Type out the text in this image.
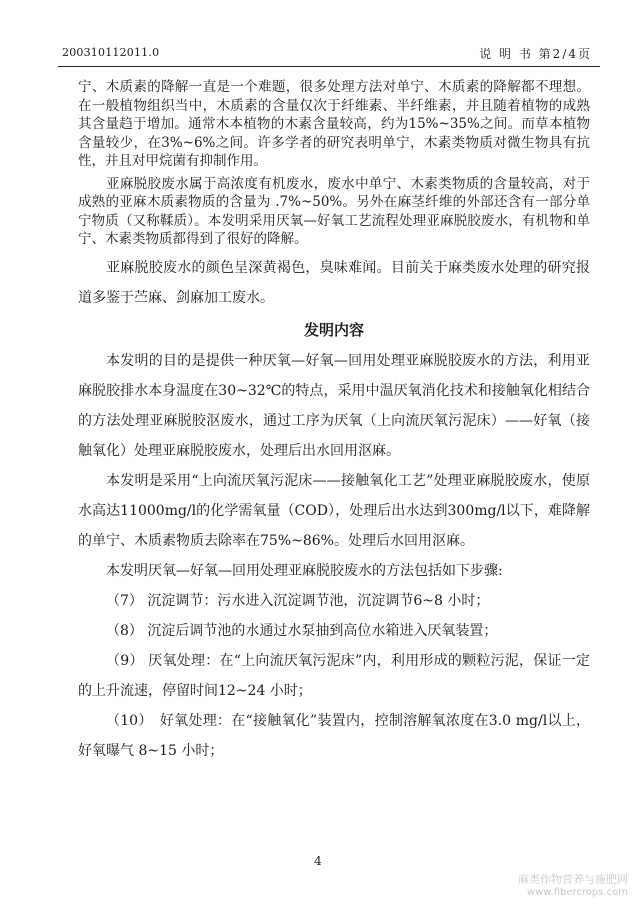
200310112011.0	说 明 书 第2/4页

宁、木质素的降解一直是一个难题，很多处理方法对单宁、木质素的降解都不理想。在一般植物组织当中，木质素的含量仅次于纤维素、半纤维素，并且随着植物的成熟其含量趋于增加。通常木本植物的木素含量较高，约为15%~35%之间。而草本植物含量较少，在3%~6%之间。许多学者的研究表明单宁，木素类物质对微生物具有抗性，并且对甲烷菌有抑制作用。

亚麻脱胶废水属于高浓度有机废水，废水中单宁、木素类物质的含量较高，对于成熟的亚麻木质素物质的含量为 .7%~50%。另外在麻茎纤维的外部还含有一部分单宁物质（又称鞣质）。本发明采用厌氧—好氧工艺流程处理亚麻脱胶废水，有机物和单宁、木素类物质都得到了很好的降解。

亚麻脱胶废水的颜色呈深黄褐色，臭味难闻。目前关于麻类废水处理的研究报道多鉴于苎麻、剑麻加工废水。

发明内容

本发明的目的是提供一种厌氧—好氧—回用处理亚麻脱胶废水的方法，利用亚麻脱胶排水本身温度在30~32℃的特点，采用中温厌氧消化技术和接触氧化相结合的方法处理亚麻脱胶沤废水，通过工序为厌氧（上向流厌氧污泥床）——好氧（接触氧化）处理亚麻脱胶废水，处理后出水回用沤麻。

本发明是采用“上向流厌氧污泥床——接触氧化工艺”处理亚麻脱胶废水，使原水高达11000mg/l的化学需氧量（COD），处理后出水达到300mg/l以下，难降解的单宁、木质素物质去除率在75%~86%。处理后水回用沤麻。

本发明厌氧—好氧—回用处理亚麻脱胶废水的方法包括如下步骤:

（7） 沉淀调节：污水进入沉淀调节池，沉淀调节6~8 小时；

（8） 沉淀后调节池的水通过水泵抽到高位水箱进入厌氧装置；

（9） 厌氧处理：在“上向流厌氧污泥床”内，利用形成的颗粒污泥，保证一定的上升流速，停留时间12~24 小时；

（10）　好氧处理：在“接触氧化”装置内，控制溶解氧浓度在3.0 mg/l以上，好氧曝气 8~15 小时；

4
麻类作物营养与施肥网
www.fibercrops.com
